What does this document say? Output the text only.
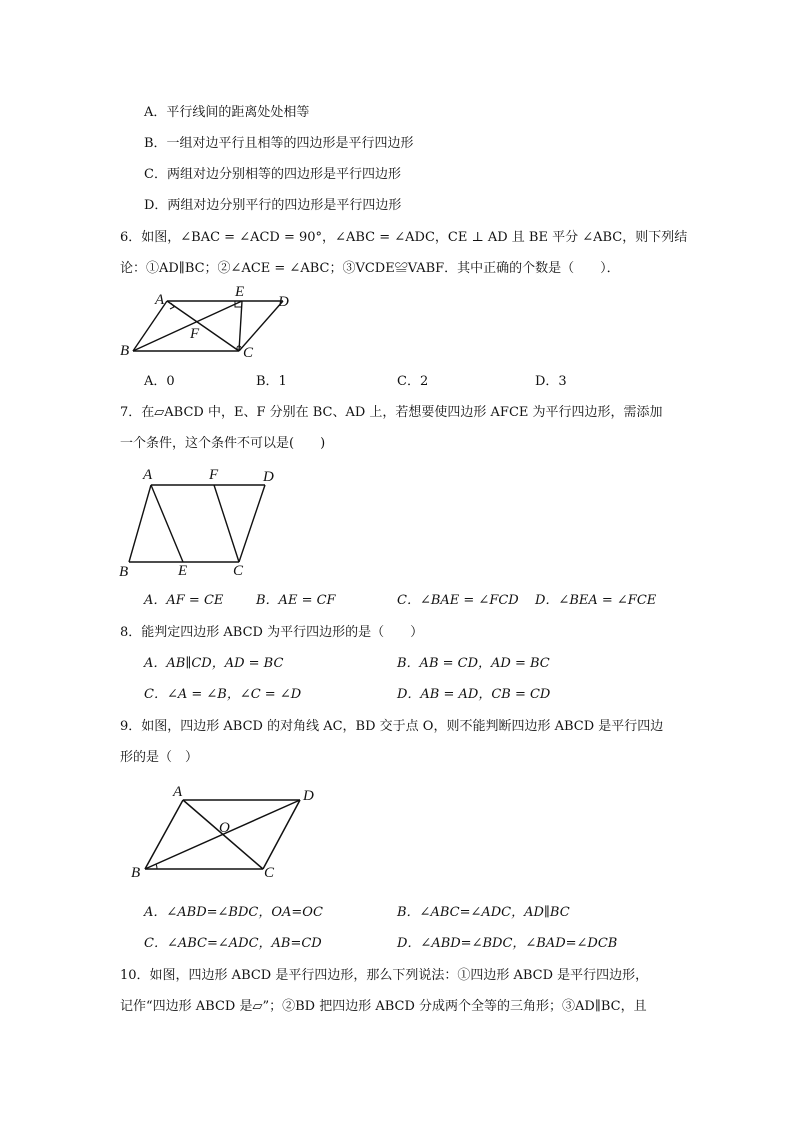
A．平行线间的距离处处相等
B．一组对边平行且相等的四边形是平行四边形
C．两组对边分别相等的四边形是平行四边形
D．两组对边分别平行的四边形是平行四边形
6．如图，∠BAC = ∠ACD = 90°，∠ABC = ∠ADC，CE ⊥ AD 且 BE 平分 ∠ABC，则下列结
论：①AD∥BC；②∠ACE = ∠ABC；③VCDE≌VABF．其中正确的个数是（　　）．
A	E
D
F
B	C
A．0	B．1	C．2	D．3
7．在▱ABCD 中，E、F 分别在 BC、AD 上，若想要使四边形 AFCE 为平行四边形，需添加
一个条件，这个条件不可以是(　　)
A	F	D
B	E	C
A．AF = CE	B．AE = CF	C．∠BAE = ∠FCD D．∠BEA = ∠FCE
8．能判定四边形 ABCD 为平行四边形的是（　　）
A．AB∥CD，AD = BC	B．AB = CD，AD = BC
C．∠A = ∠B，∠C = ∠D	D．AB = AD，CB = CD
9．如图，四边形 ABCD 的对角线 AC，BD 交于点 O，则不能判断四边形 ABCD 是平行四边
形的是（　）
A	D
O
B	C
A．∠ABD=∠BDC，OA=OC	B．∠ABC=∠ADC，AD∥BC
C．∠ABC=∠ADC，AB=CD	D．∠ABD=∠BDC，∠BAD=∠DCB
10．如图，四边形 ABCD 是平行四边形，那么下列说法：①四边形 ABCD 是平行四边形，
记作“四边形 ABCD 是▱”；②BD 把四边形 ABCD 分成两个全等的三角形；③AD∥BC，且
